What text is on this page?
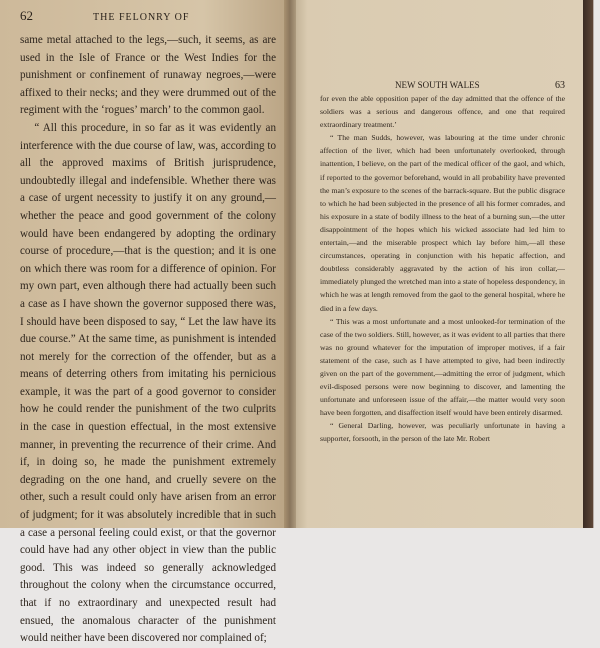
62	THE FELONRY OF

same metal attached to the legs,—such, it seems, as are used in the Isle of France or the West Indies for the punishment or confinement of runaway negroes,—were affixed to their necks; and they were drummed out of the regiment with the ‘rogues’ march’ to the common gaol.

“ All this procedure, in so far as it was evidently an interference with the due course of law, was, according to all the approved maxims of British jurisprudence, undoubtedly illegal and indefensible. Whether there was a case of urgent necessity to justify it on any ground,—whether the peace and good government of the colony would have been endangered by adopting the ordinary course of procedure,—that is the question; and it is one on which there was room for a difference of opinion. For my own part, even although there had actually been such a case as I have shown the governor supposed there was, I should have been disposed to say, “ Let the law have its due course.” At the same time, as punishment is intended not merely for the correction of the offender, but as a means of deterring others from imitating his pernicious example, it was the part of a good governor to consider how he could render the punishment of the two culprits in the case in question effectual, in the most extensive manner, in preventing the recurrence of their crime. And if, in doing so, he made the punishment extremely degrading on the one hand, and cruelly severe on the other, such a result could only have arisen from an error of judgment; for it was absolutely incredible that in such a case a personal feeling could exist, or that the governor could have had any other object in view than the public good. This was indeed so generally acknowledged throughout the colony when the circumstance occurred, that if no extraordinary and unexpected result had ensued, the anomalous character of the punishment would neither have been discovered nor complained of;

NEW SOUTH WALES	63

for even the able opposition paper of the day admitted that the offence of the soldiers was a serious and dangerous offence, and one that required extraordinary treatment.’

“ The man Sudds, however, was labouring at the time under chronic affection of the liver, which had been unfortunately overlooked, through inattention, I believe, on the part of the medical officer of the gaol, and which, if reported to the governor beforehand, would in all probability have prevented the man’s exposure to the scenes of the barrack-square. But the public disgrace to which he had been subjected in the presence of all his former comrades, and his exposure in a state of bodily illness to the heat of a burning sun,—the utter disappointment of the hopes which his wicked associate had led him to entertain,—and the miserable prospect which lay before him,—all these circumstances, operating in conjunction with his hepatic affection, and doubtless considerably aggravated by the action of his iron collar,—immediately plunged the wretched man into a state of hopeless despondency, in which he was at length removed from the gaol to the general hospital, where he died in a few days.

“ This was a most unfortunate and a most unlooked-for termination of the case of the two soldiers. Still, however, as it was evident to all parties that there was no ground whatever for the imputation of improper motives, if a fair statement of the case, such as I have attempted to give, had been indirectly given on the part of the government,—admitting the error of judgment, which evil-disposed persons were now beginning to discover, and lamenting the unfortunate and unforeseen issue of the affair,—the matter would very soon have been forgotten, and disaffection itself would have been entirely disarmed.

“ General Darling, however, was peculiarly unfortunate in having a supporter, forsooth, in the person of the late Mr. Robert
